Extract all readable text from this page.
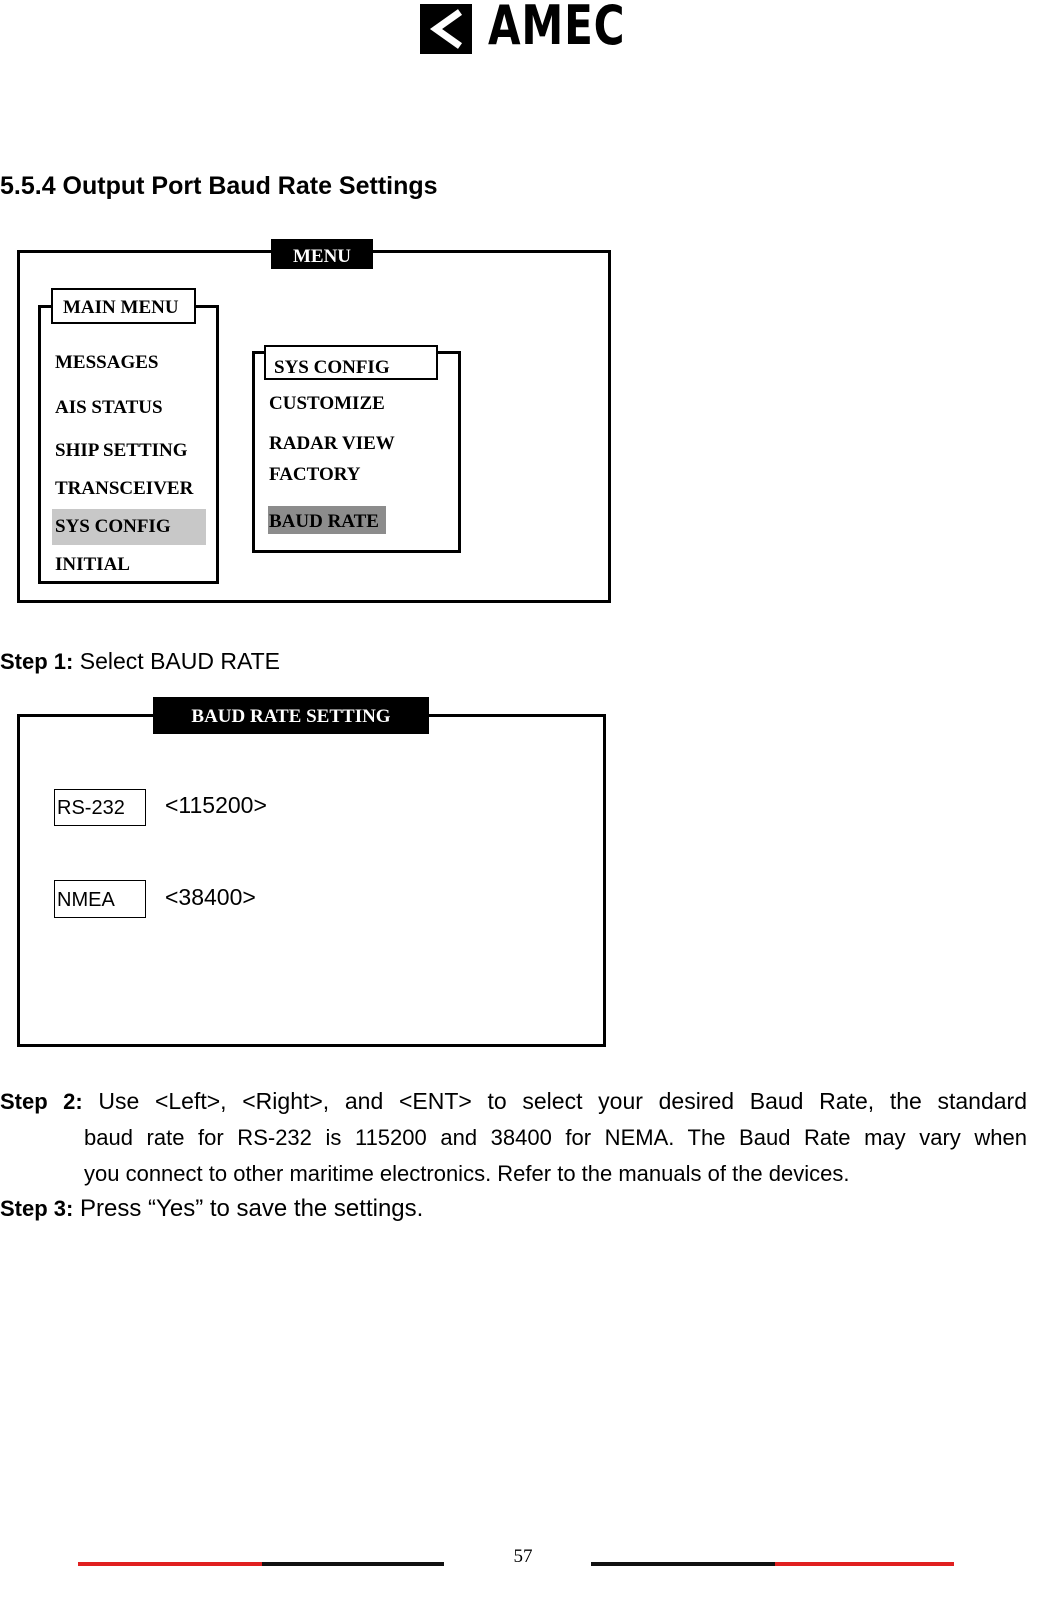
AMEC
5.5.4 Output Port Baud Rate Settings
MENU
MAIN MENU
MESSAGES
AIS STATUS
SHIP SETTING
TRANSCEIVER
SYS CONFIG
INITIAL
SYS CONFIG
CUSTOMIZE
RADAR VIEW
FACTORY
BAUD RATE
Step 1: Select BAUD RATE
BAUD RATE SETTING
RS-232	<115200>
NMEA	<38400>
Step 2: Use <Left>, <Right>, and <ENT> to select your desired Baud Rate, the standard
baud rate for RS-232 is 115200 and 38400 for NEMA. The Baud Rate may vary when
you connect to other maritime electronics. Refer to the manuals of the devices.
Step 3: Press “Yes” to save the settings.
57
